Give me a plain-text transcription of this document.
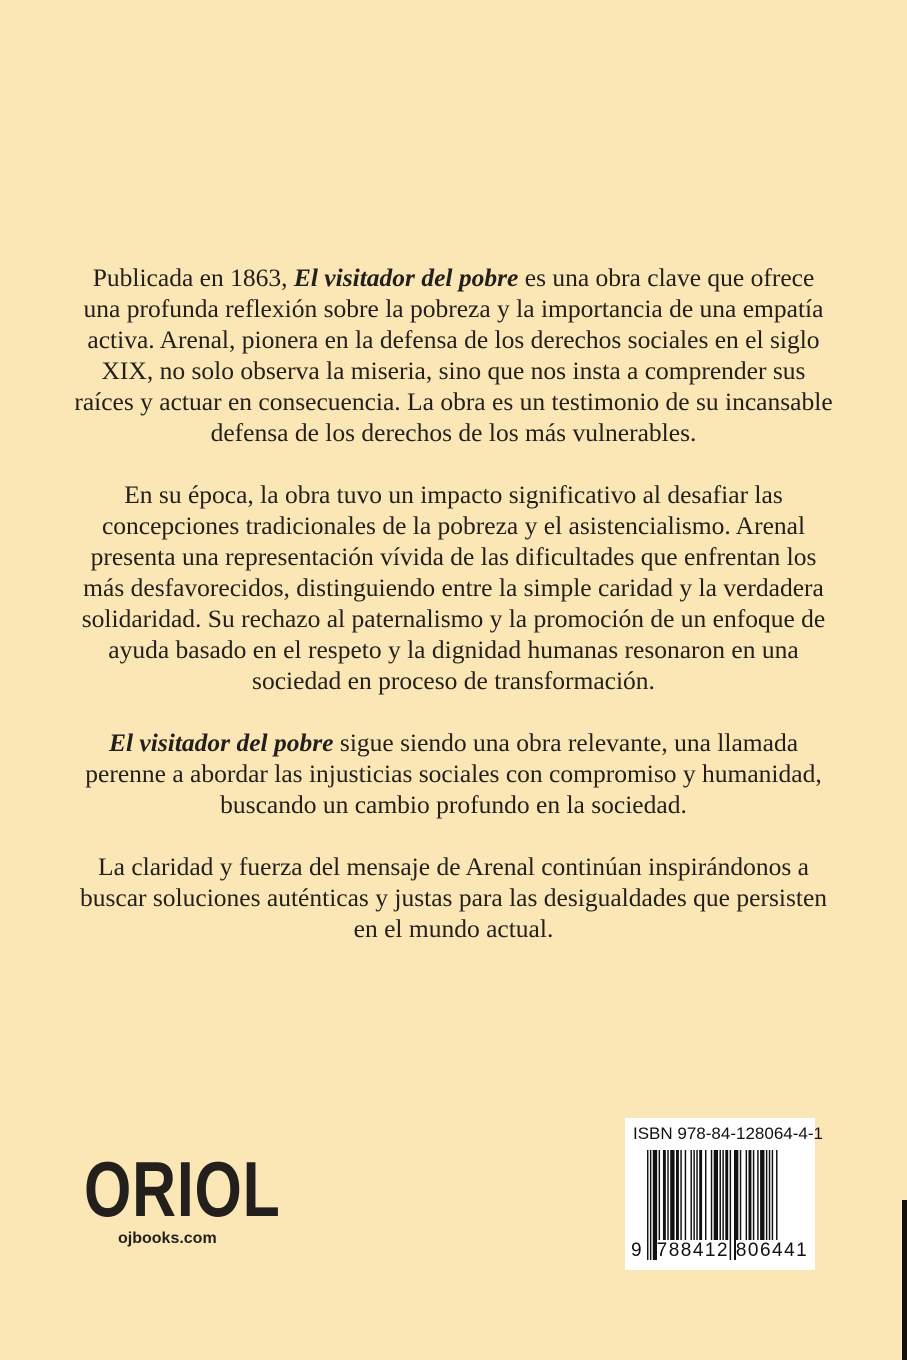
Publicada en 1863, El visitador del pobre es una obra clave que ofrece una profunda reflexión sobre la pobreza y la importancia de una empatía activa. Arenal, pionera en la defensa de los derechos sociales en el siglo XIX, no solo observa la miseria, sino que nos insta a comprender sus raíces y actuar en consecuencia. La obra es un testimonio de su incansable defensa de los derechos de los más vulnerables.

En su época, la obra tuvo un impacto significativo al desafiar las concepciones tradicionales de la pobreza y el asistencialismo. Arenal presenta una representación vívida de las dificultades que enfrentan los más desfavorecidos, distinguiendo entre la simple caridad y la verdadera solidaridad. Su rechazo al paternalismo y la promoción de un enfoque de ayuda basado en el respeto y la dignidad humanas resonaron en una sociedad en proceso de transformación.

El visitador del pobre sigue siendo una obra relevante, una llamada perenne a abordar las injusticias sociales con compromiso y humanidad, buscando un cambio profundo en la sociedad.

La claridad y fuerza del mensaje de Arenal continúan inspirándonos a buscar soluciones auténticas y justas para las desigualdades que persisten en el mundo actual.

ORIOL
ojbooks.com
ISBN 978-84-128064-4-1
9 788412 806441
